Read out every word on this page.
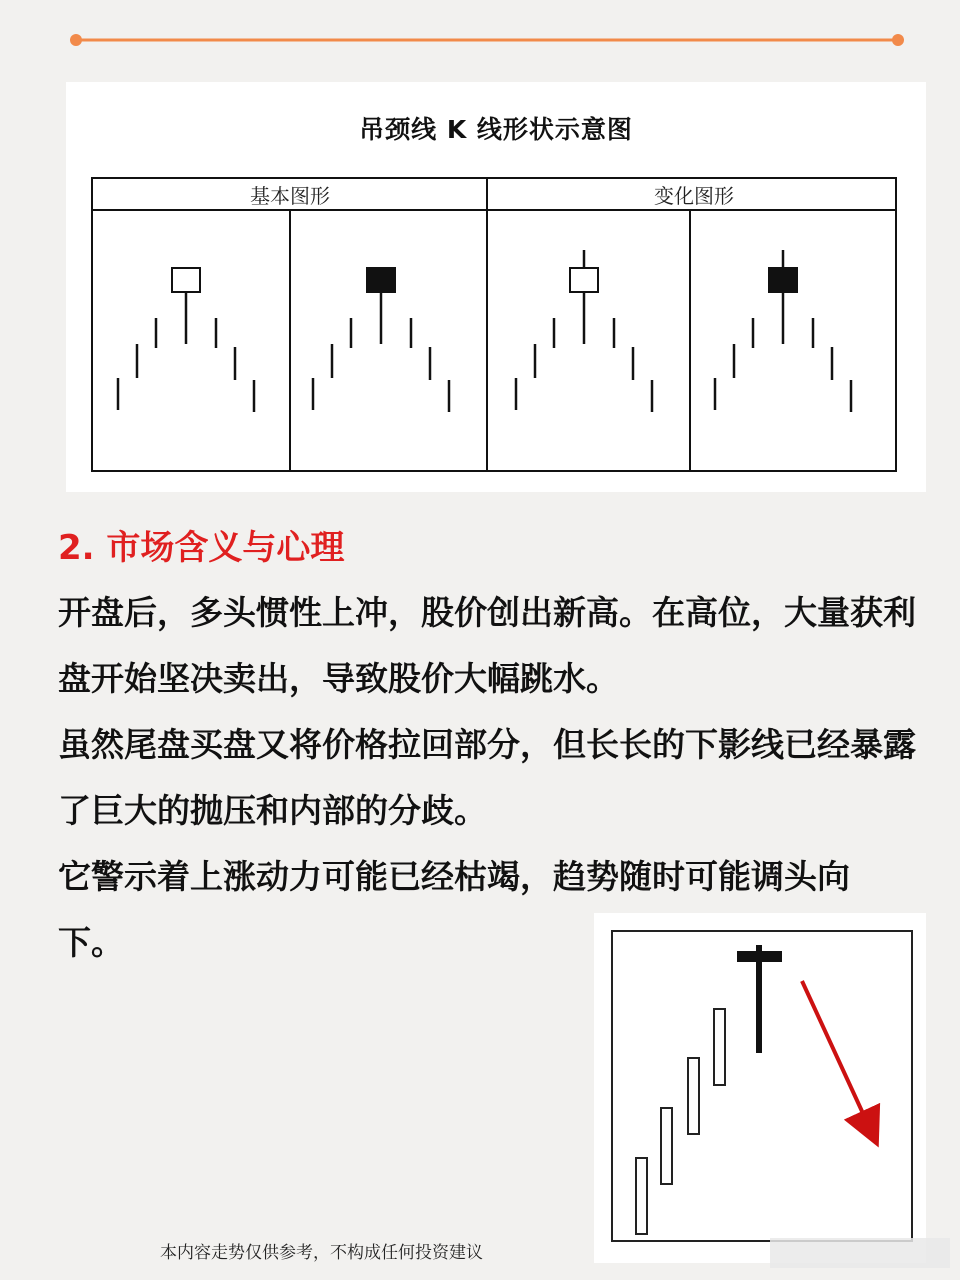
吊颈线 K 线形状示意图
基本图形	变化图形
2. 市场含义与心理

开盘后，多头惯性上冲，股价创出新高。在高位，大量获利盘开始坚决卖出，导致股价大幅跳水。

虽然尾盘买盘又将价格拉回部分，但长长的下影线已经暴露了巨大的抛压和内部的分歧。

它警示着上涨动力可能已经枯竭，趋势随时可能调头向下。

本内容走势仅供参考，不构成任何投资建议
